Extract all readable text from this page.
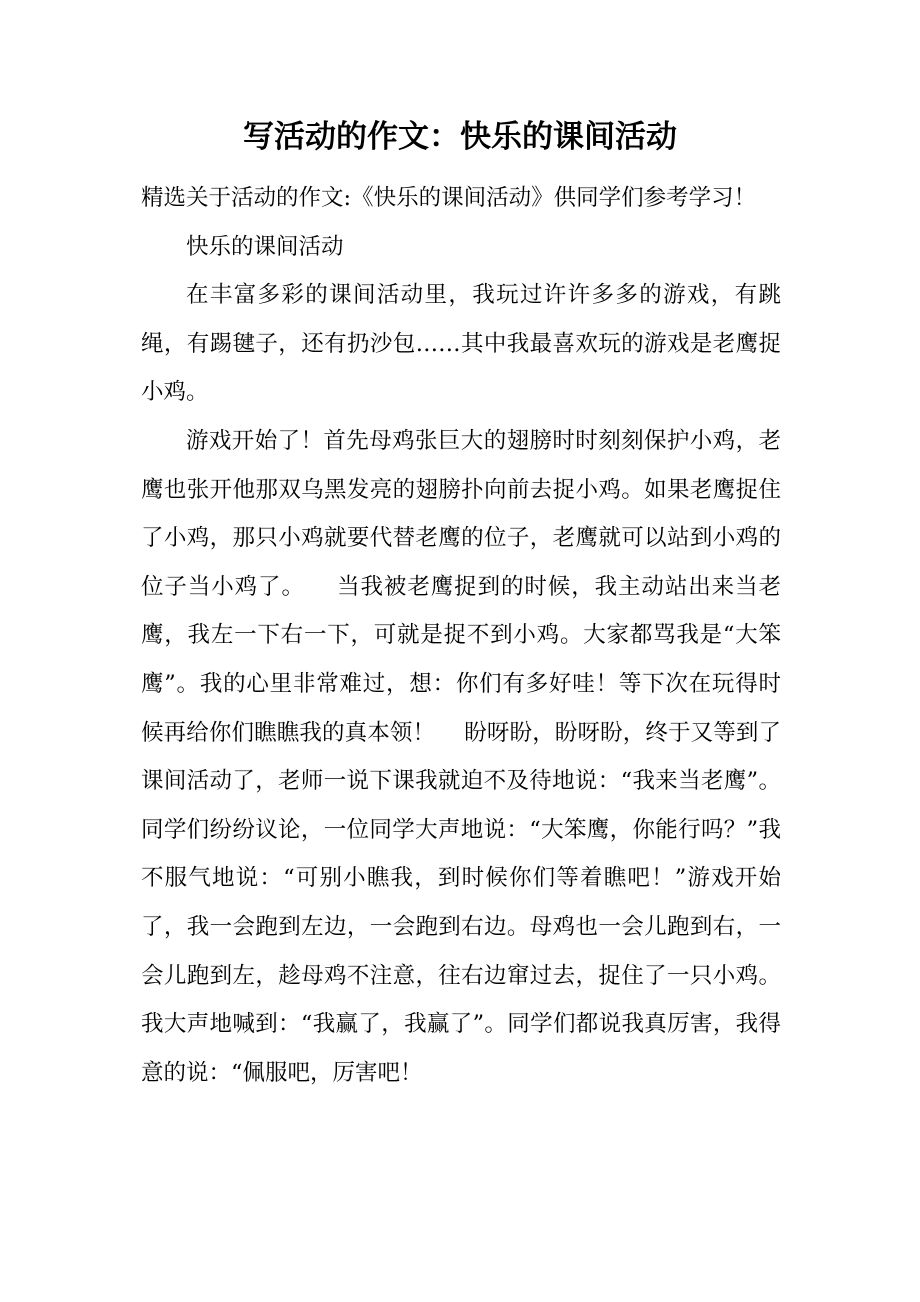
写活动的作文：快乐的课间活动

精选关于活动的作文:《快乐的课间活动》供同学们参考学习！

快乐的课间活动

在丰富多彩的课间活动里，我玩过许许多多的游戏，有跳绳，有踢毽子，还有扔沙包……其中我最喜欢玩的游戏是老鹰捉小鸡。

游戏开始了！首先母鸡张巨大的翅膀时时刻刻保护小鸡，老鹰也张开他那双乌黑发亮的翅膀扑向前去捉小鸡。如果老鹰捉住了小鸡，那只小鸡就要代替老鹰的位子，老鹰就可以站到小鸡的位子当小鸡了。    当我被老鹰捉到的时候，我主动站出来当老鹰，我左一下右一下，可就是捉不到小鸡。大家都骂我是“大笨鹰”。我的心里非常难过，想：你们有多好哇！等下次在玩得时候再给你们瞧瞧我的真本领！    盼呀盼，盼呀盼，终于又等到了课间活动了，老师一说下课我就迫不及待地说：“我来当老鹰”。同学们纷纷议论，一位同学大声地说：“大笨鹰，你能行吗？”我不服气地说：“可别小瞧我，到时候你们等着瞧吧！”游戏开始了，我一会跑到左边，一会跑到右边。母鸡也一会儿跑到右，一会儿跑到左，趁母鸡不注意，往右边窜过去，捉住了一只小鸡。我大声地喊到：“我赢了，我赢了”。同学们都说我真厉害，我得意的说：“佩服吧，厉害吧！
